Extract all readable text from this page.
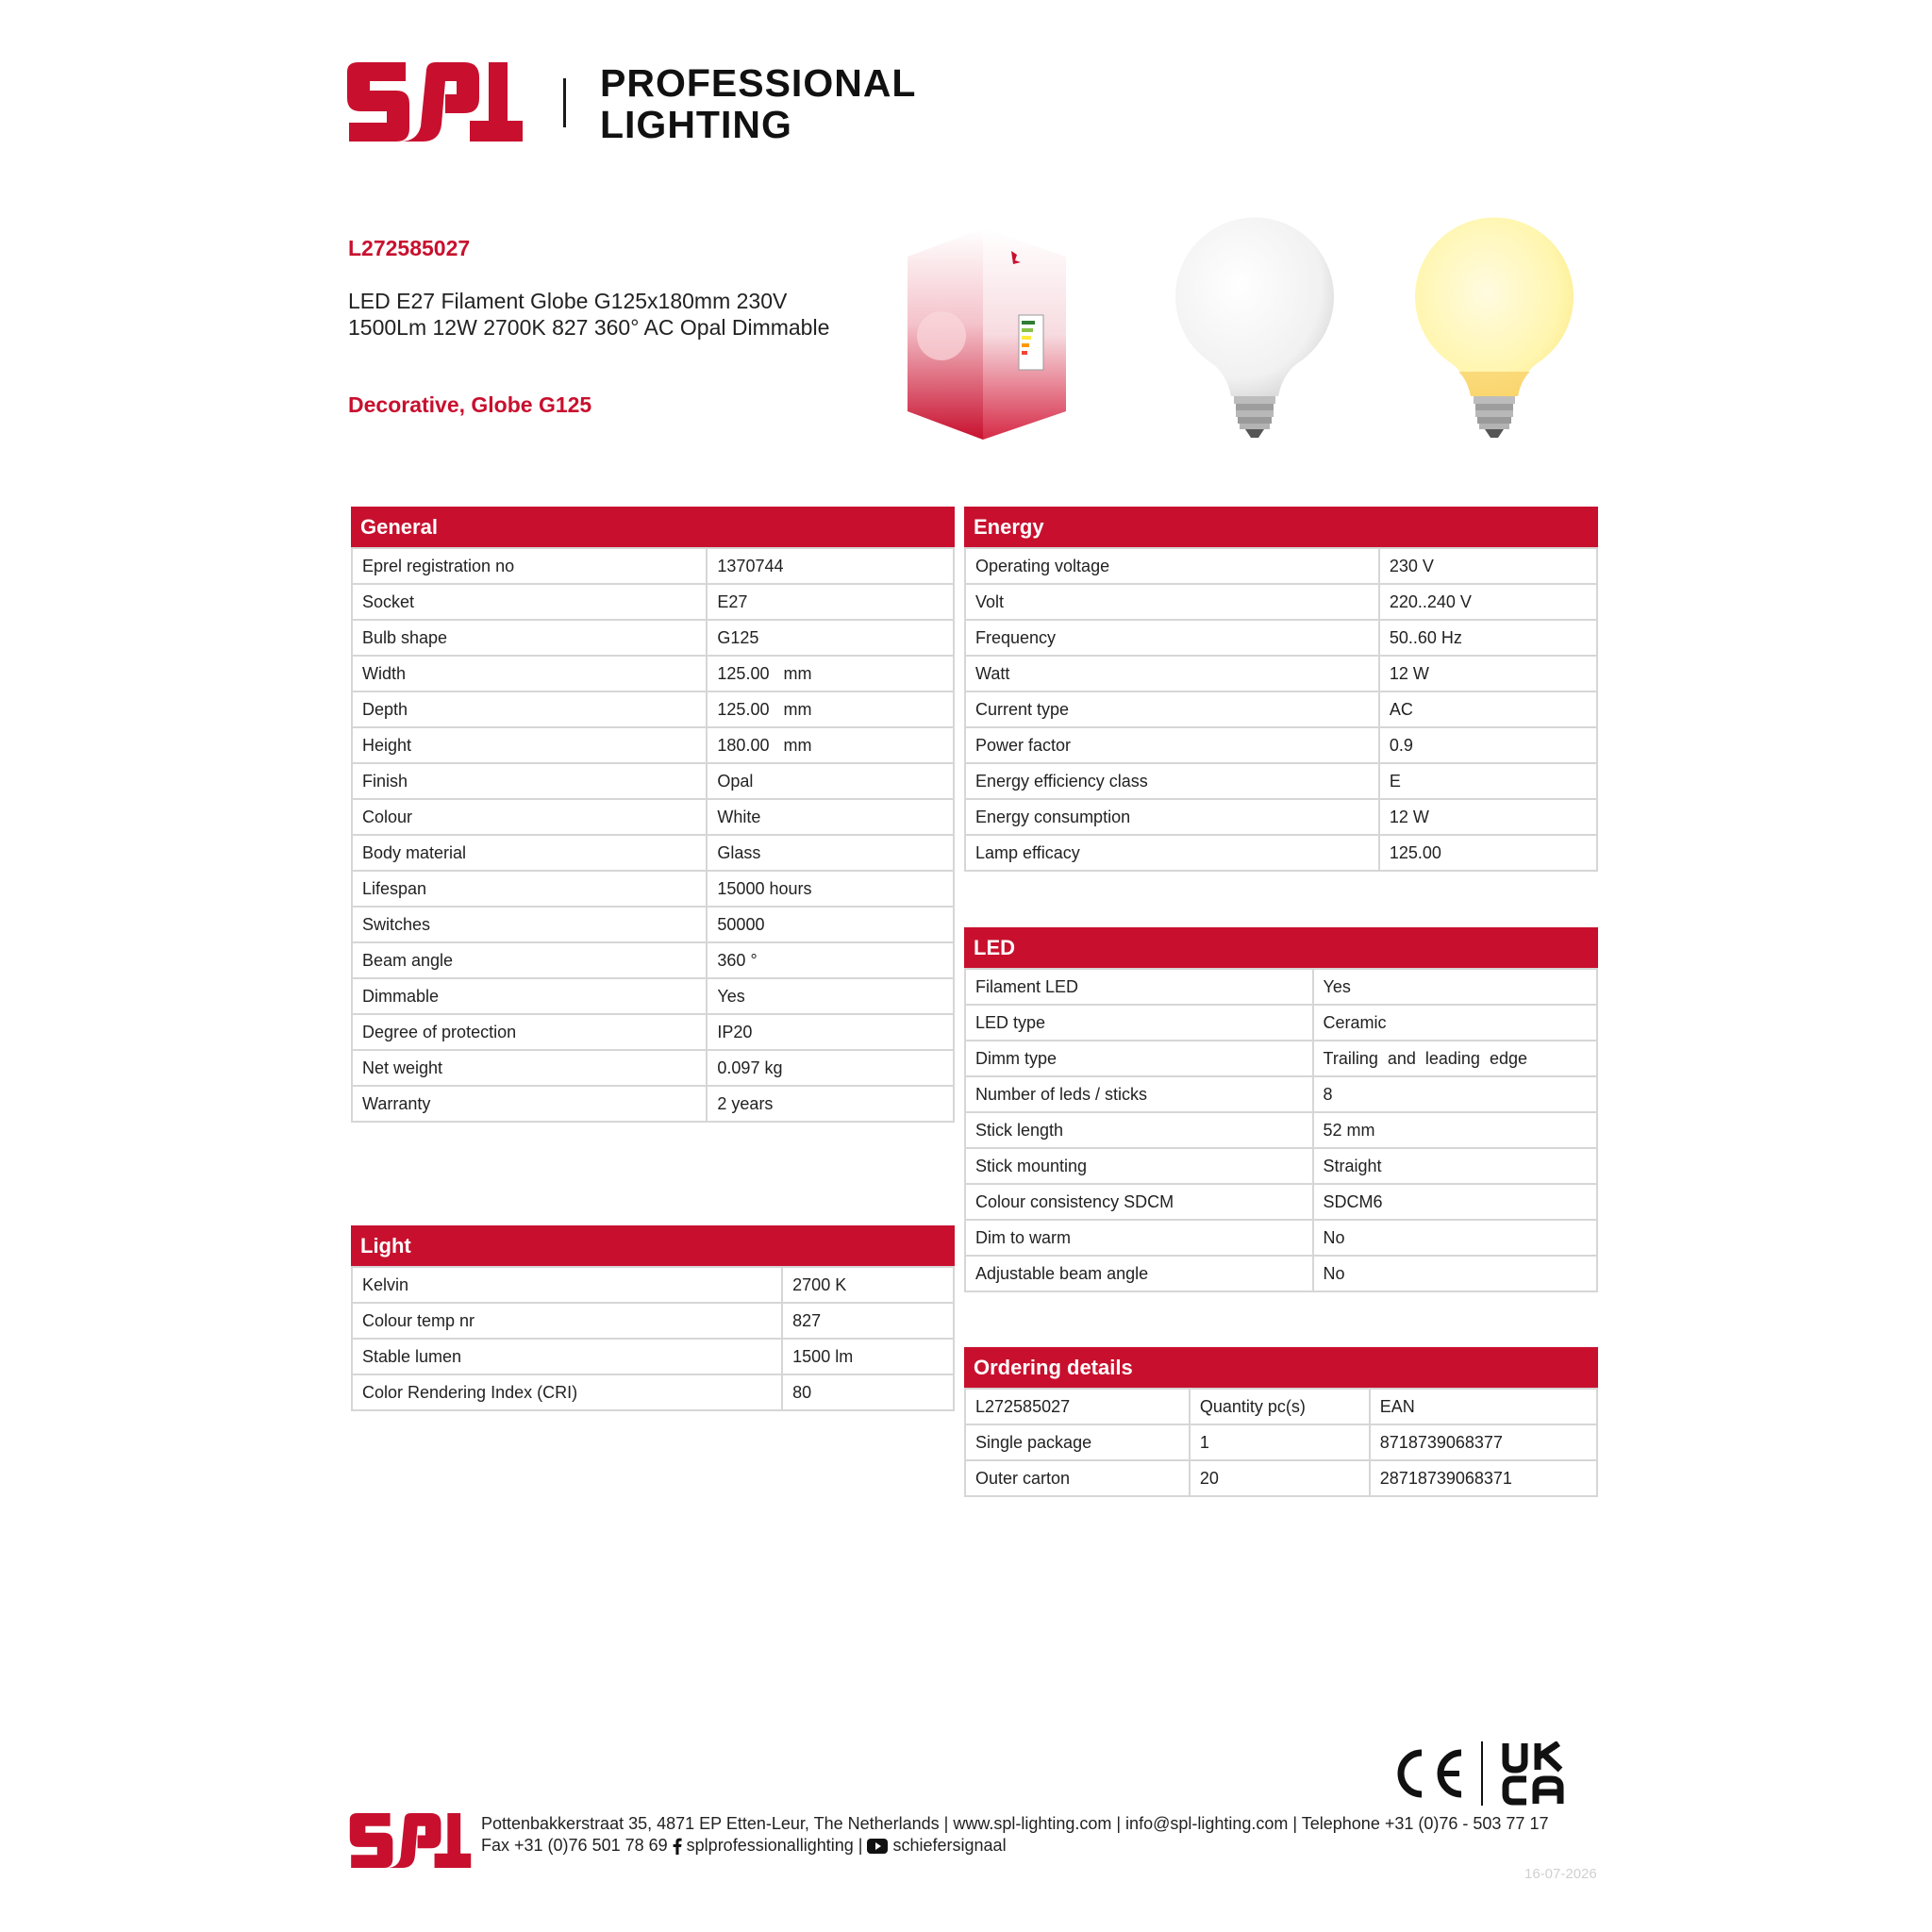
PROFESSIONAL
LIGHTING
L272585027
LED E27 Filament Globe G125x180mm 230V 1500Lm 12W 2700K 827 360° AC Opal Dimmable
Decorative, Globe G125
General
Eprel registration no	1370744
Socket	E27
Bulb shape	G125
Width	125.00   mm
Depth	125.00   mm
Height	180.00   mm
Finish	Opal
Colour	White
Body material	Glass
Lifespan	15000 hours
Switches	50000
Beam angle	360 °
Dimmable	Yes
Degree of protection	IP20
Net weight	0.097 kg
Warranty	2 years
Light
Kelvin	2700 K
Colour temp nr	827
Stable lumen	1500 lm
Color Rendering Index (CRI)	80
Energy
Operating voltage	230 V
Volt	220..240 V
Frequency	50..60 Hz
Watt	12 W
Current type	AC
Power factor	0.9
Energy efficiency class	E
Energy consumption	12 W
Lamp efficacy	125.00
LED
Filament LED	Yes
LED type	Ceramic
Dimm type	Trailing  and  leading  edge
Number of leds / sticks	8
Stick length	52 mm
Stick mounting	Straight
Colour consistency SDCM	SDCM6
Dim to warm	No
Adjustable beam angle	No
Ordering details
L272585027	Quantity pc(s)	EAN
Single package	1	8718739068377
Outer carton	20	28718739068371
Pottenbakkerstraat 35, 4871 EP Etten-Leur, The Netherlands | www.spl-lighting.com | info@spl-lighting.com | Telephone +31 (0)76 - 503 77 17
Fax +31 (0)76 501 78 69 splprofessionallighting | schiefersignaal
16-07-2026
